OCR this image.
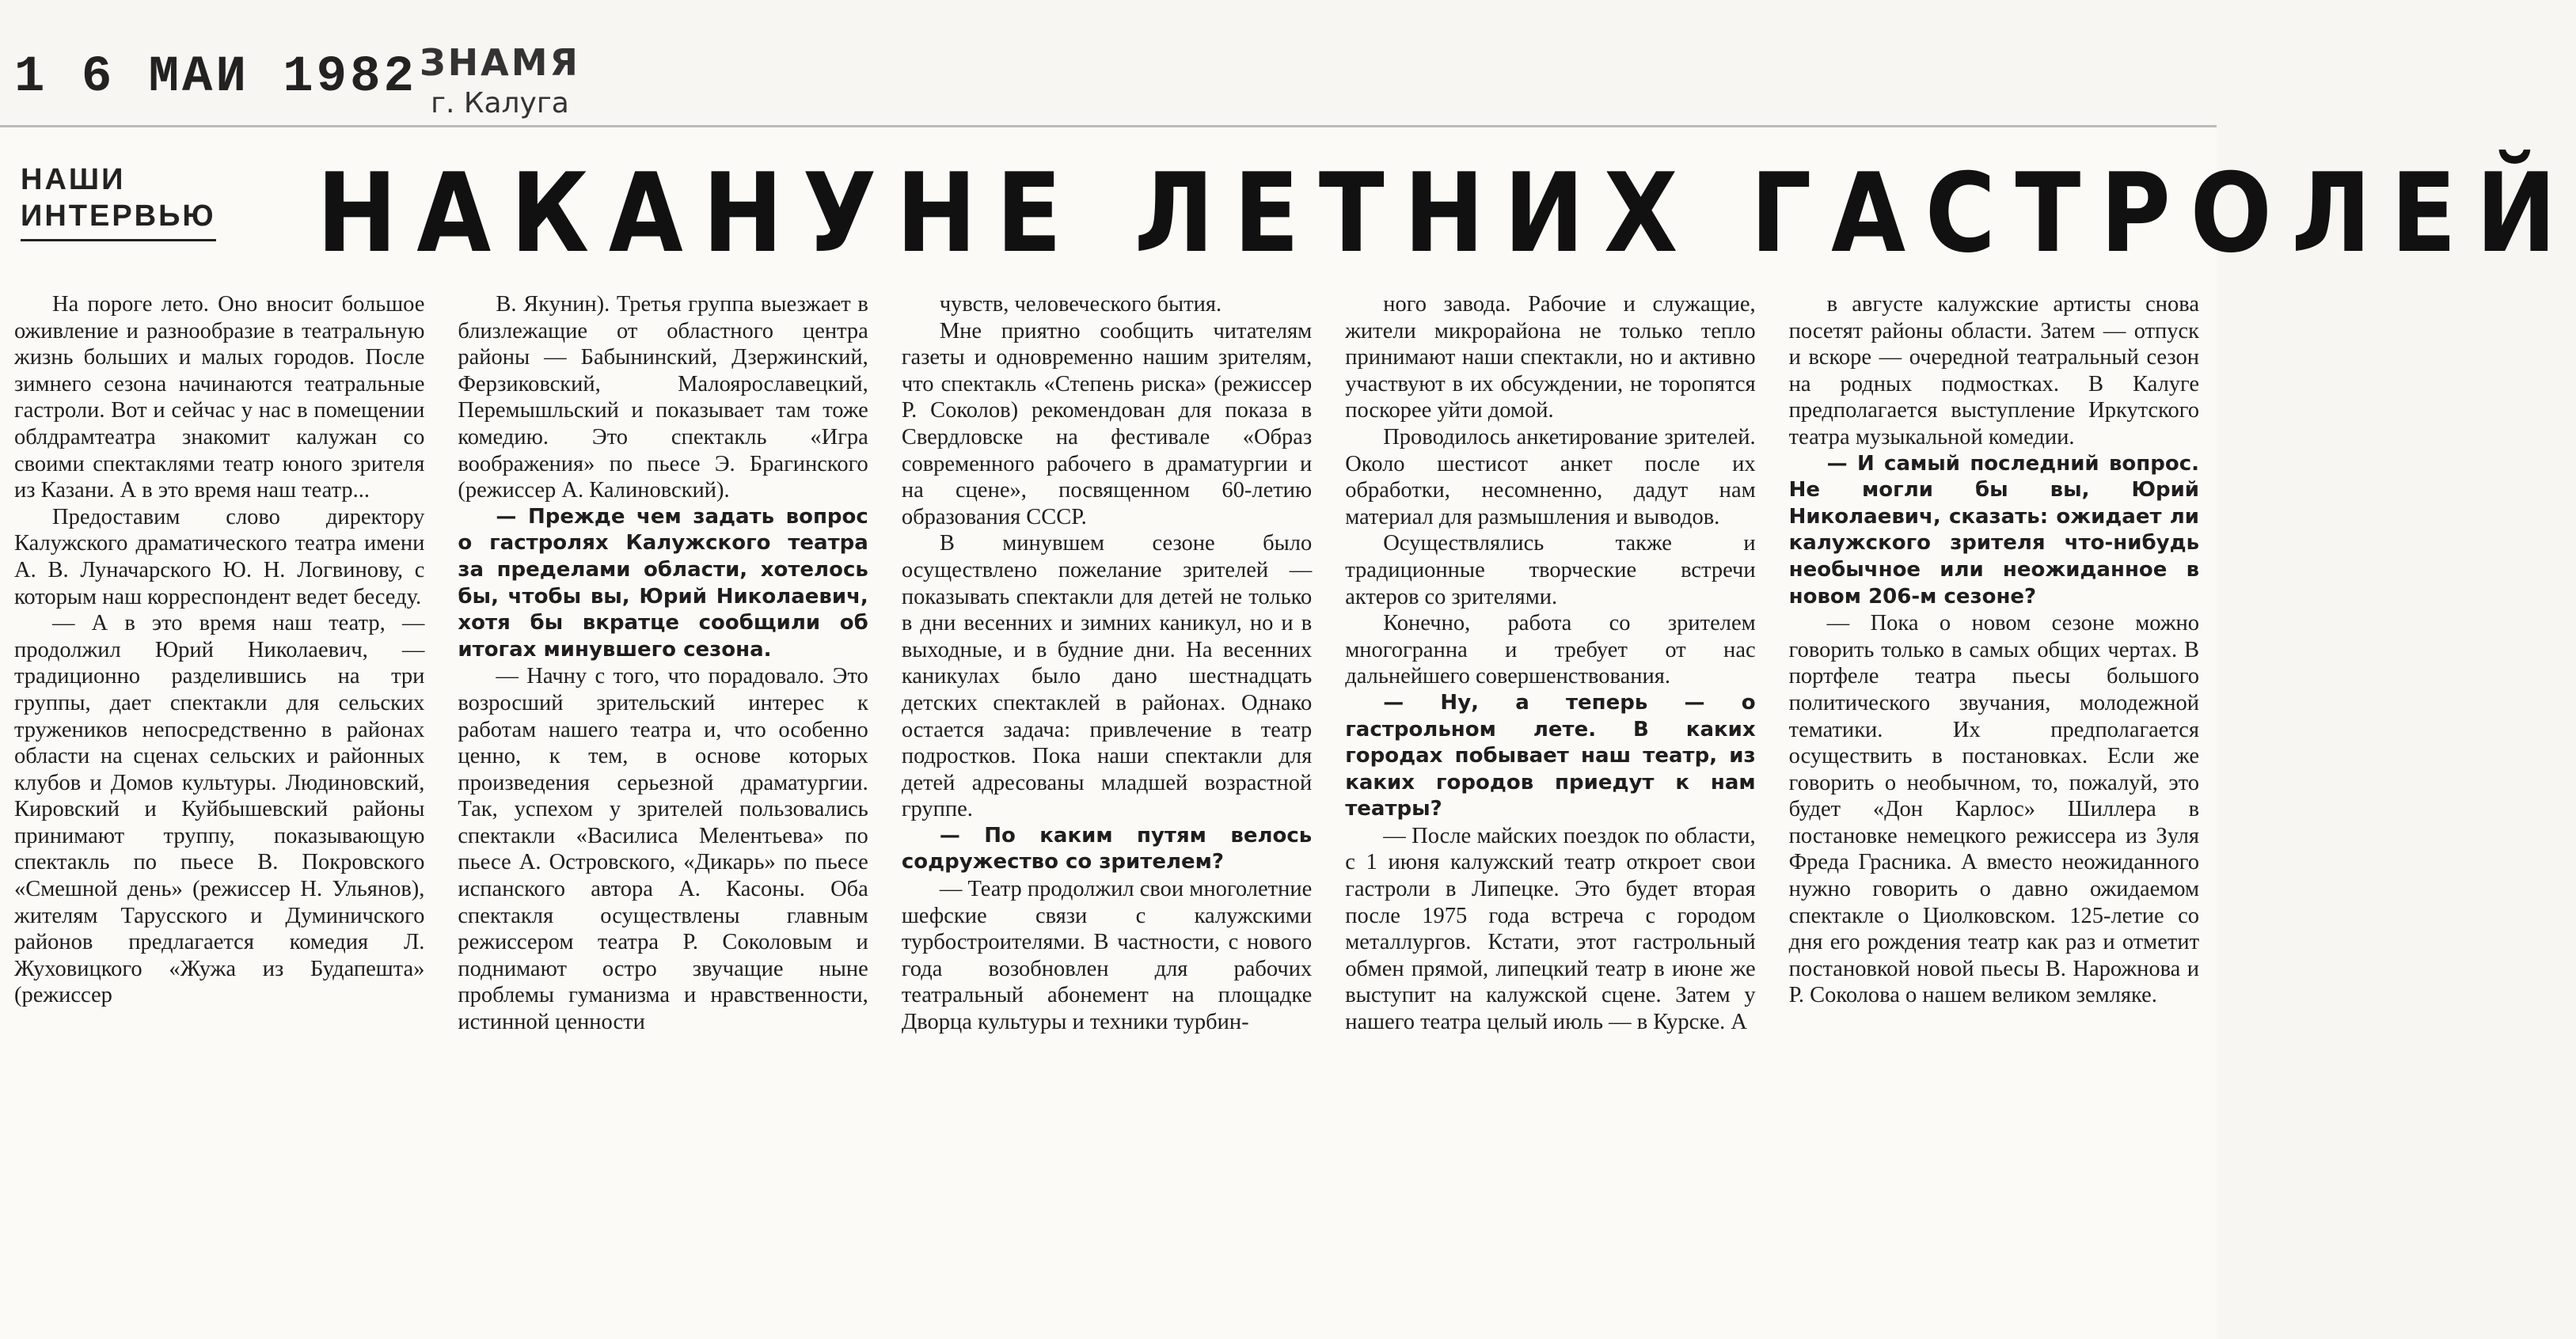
1 6 МАИ 1982 ЗНАМЯ
г. Калуга
НАШИ
ИНТЕРВЬЮ НАКАНУНЕ ЛЕТНИХ ГАСТРОЛЕЙ

На пороге лето. Оно вносит большое оживление и разнообразие в театральную жизнь больших и малых городов. После зимнего сезона начинаются театральные гастроли. Вот и сейчас у нас в помещении облдрамтеатра знакомит калужан со своими спектаклями театр юного зрителя из Казани. А в это время наш театр...

Предоставим слово директору Калужского драматического театра имени А. В. Луначарского Ю. Н. Логвинову, с которым наш корреспондент ведет беседу.

— А в это время наш театр, — продолжил Юрий Николаевич, — традиционно разделившись на три группы, дает спектакли для сельских тружеников непосредственно в районах области на сценах сельских и районных клубов и Домов культуры. Людиновский, Кировский и Куйбышевский районы принимают труппу, показывающую спектакль по пьесе В. Покровского «Смешной день» (режиссер Н. Ульянов), жителям Тарусского и Думиничского районов предлагается комедия Л. Жуховицкого «Жужа из Будапешта» (режиссер

В. Якунин). Третья группа выезжает в близлежащие от областного центра районы — Бабынинский, Дзержинский, Ферзиковский, Малоярославецкий, Перемышльский и показывает там тоже комедию. Это спектакль «Игра воображения» по пьесе Э. Брагинского (режиссер А. Калиновский).

— Прежде чем задать вопрос о гастролях Калужского театра за пределами области, хотелось бы, чтобы вы, Юрий Николаевич, хотя бы вкратце сообщили об итогах минувшего сезона.

— Начну с того, что порадовало. Это возросший зрительский интерес к работам нашего театра и, что особенно ценно, к тем, в основе которых произведения серьезной драматургии. Так, успехом у зрителей пользовались спектакли «Василиса Мелентьева» по пьесе А. Островского, «Дикарь» по пьесе испанского автора А. Касоны. Оба спектакля осуществлены главным режиссером театра Р. Соколовым и поднимают остро звучащие ныне проблемы гуманизма и нравственности, истинной ценности

чувств, человеческого бытия.

Мне приятно сообщить читателям газеты и одновременно нашим зрителям, что спектакль «Степень риска» (режиссер Р. Соколов) рекомендован для показа в Свердловске на фестивале «Образ современного рабочего в драматургии и на сцене», посвященном 60-летию образования СССР.

В минувшем сезоне было осуществлено пожелание зрителей — показывать спектакли для детей не только в дни весенних и зимних каникул, но и в выходные, и в будние дни. На весенних каникулах было дано шестнадцать детских спектаклей в районах. Однако остается задача: привлечение в театр подростков. Пока наши спектакли для детей адресованы младшей возрастной группе.

— По каким путям велось содружество со зрителем?

— Театр продолжил свои многолетние шефские связи с калужскими турбостроителями. В частности, с нового года возобновлен для рабочих театральный абонемент на площадке Дворца культуры и техники турбин-

ного завода. Рабочие и служащие, жители микрорайона не только тепло принимают наши спектакли, но и активно участвуют в их обсуждении, не торопятся поскорее уйти домой.

Проводилось анкетирование зрителей. Около шестисот анкет после их обработки, несомненно, дадут нам материал для размышления и выводов.

Осуществлялись также и традиционные творческие встречи актеров со зрителями.

Конечно, работа со зрителем многогранна и требует от нас дальнейшего совершенствования.

— Ну, а теперь — о гастрольном лете. В каких городах побывает наш театр, из каких городов приедут к нам театры?

— После майских поездок по области, с 1 июня калужский театр откроет свои гастроли в Липецке. Это будет вторая после 1975 года встреча с городом металлургов. Кстати, этот гастрольный обмен прямой, липецкий театр в июне же выступит на калужской сцене. Затем у нашего театра целый июль — в Курске. А

в августе калужские артисты снова посетят районы области. Затем — отпуск и вскоре — очередной театральный сезон на родных подмостках. В Калуге предполагается выступление Иркутского театра музыкальной комедии.

— И самый последний вопрос. Не могли бы вы, Юрий Николаевич, сказать: ожидает ли калужского зрителя что-нибудь необычное или неожиданное в новом 206-м сезоне?

— Пока о новом сезоне можно говорить только в самых общих чертах. В портфеле театра пьесы большого политического звучания, молодежной тематики. Их предполагается осуществить в постановках. Если же говорить о необычном, то, пожалуй, это будет «Дон Карлос» Шиллера в постановке немецкого режиссера из Зуля Фреда Грасника. А вместо неожиданного нужно говорить о давно ожидаемом спектакле о Циолковском. 125-летие со дня его рождения театр как раз и отметит постановкой новой пьесы В. Нарожнова и Р. Соколова о нашем великом земляке.
